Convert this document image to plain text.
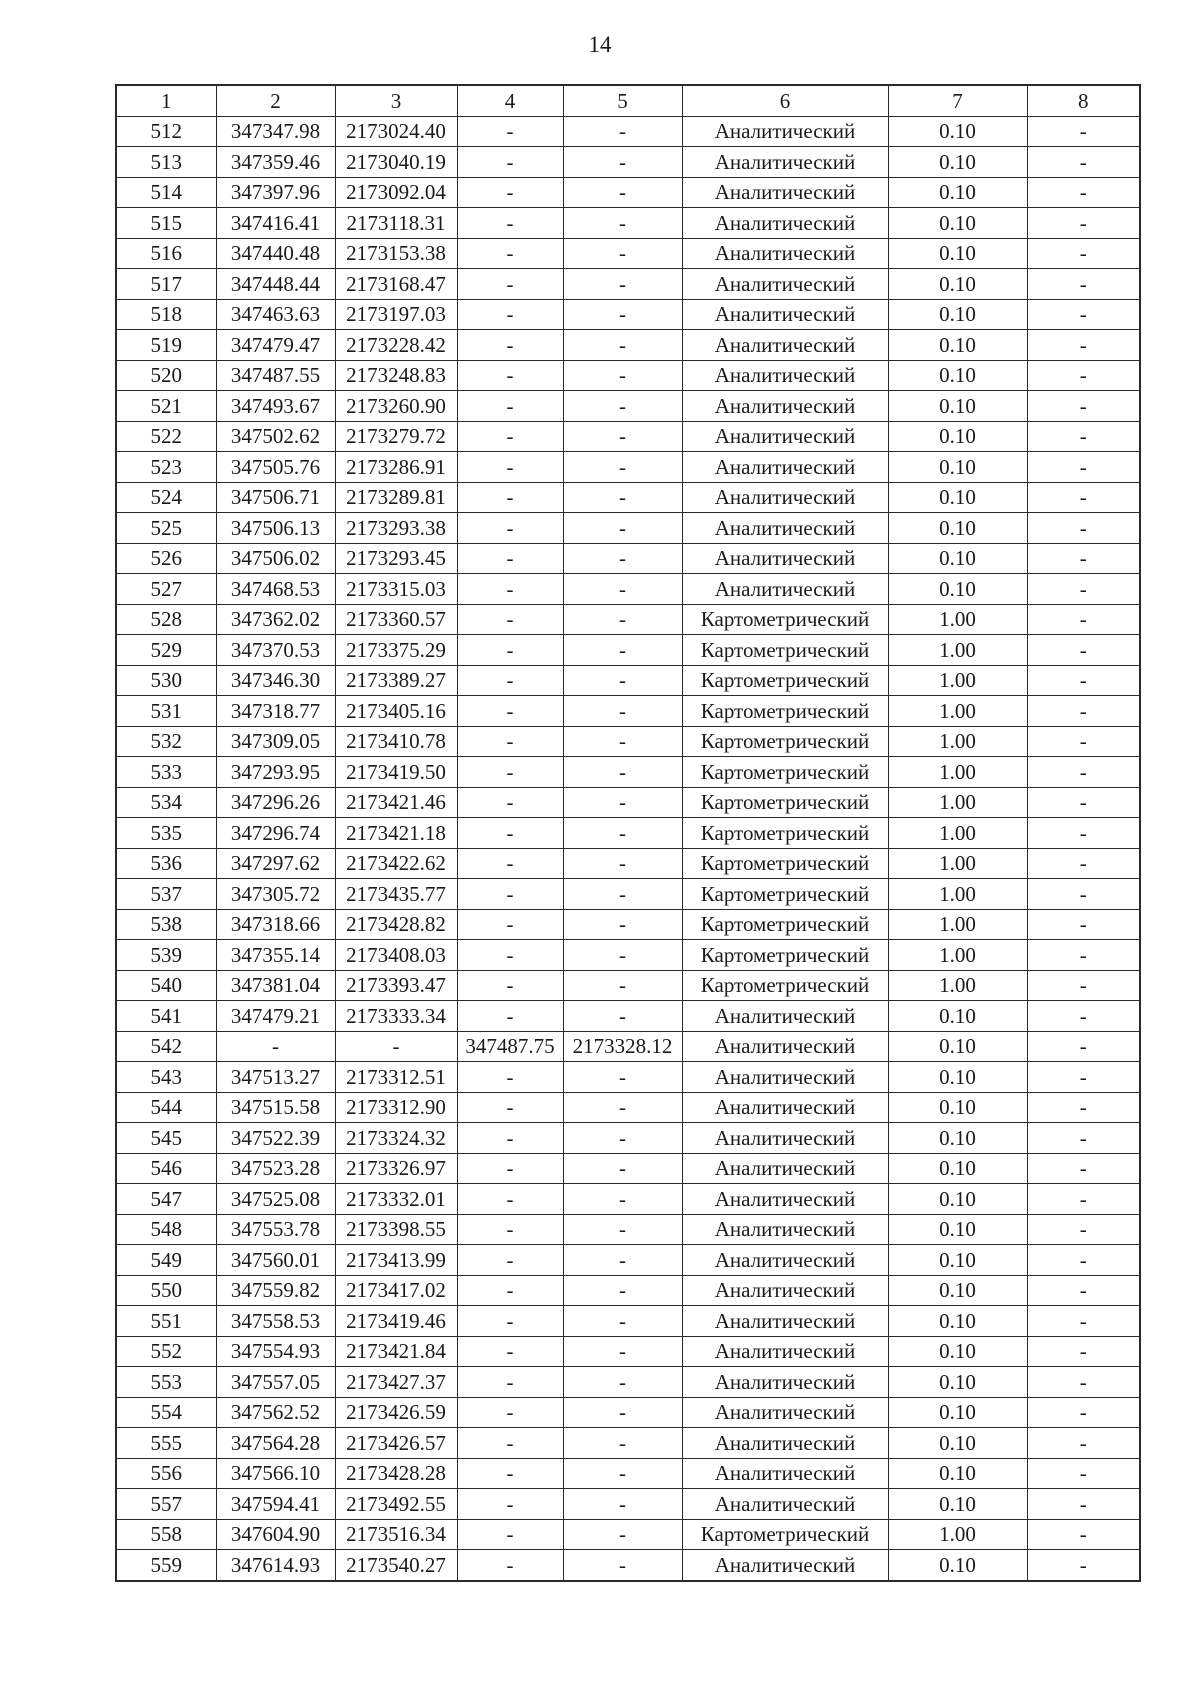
14
1	2	3	4	5	6	7	8
512	347347.98	2173024.40	-	-	Аналитический	0.10	-
513	347359.46	2173040.19	-	-	Аналитический	0.10	-
514	347397.96	2173092.04	-	-	Аналитический	0.10	-
515	347416.41	2173118.31	-	-	Аналитический	0.10	-
516	347440.48	2173153.38	-	-	Аналитический	0.10	-
517	347448.44	2173168.47	-	-	Аналитический	0.10	-
518	347463.63	2173197.03	-	-	Аналитический	0.10	-
519	347479.47	2173228.42	-	-	Аналитический	0.10	-
520	347487.55	2173248.83	-	-	Аналитический	0.10	-
521	347493.67	2173260.90	-	-	Аналитический	0.10	-
522	347502.62	2173279.72	-	-	Аналитический	0.10	-
523	347505.76	2173286.91	-	-	Аналитический	0.10	-
524	347506.71	2173289.81	-	-	Аналитический	0.10	-
525	347506.13	2173293.38	-	-	Аналитический	0.10	-
526	347506.02	2173293.45	-	-	Аналитический	0.10	-
527	347468.53	2173315.03	-	-	Аналитический	0.10	-
528	347362.02	2173360.57	-	-	Картометрический	1.00	-
529	347370.53	2173375.29	-	-	Картометрический	1.00	-
530	347346.30	2173389.27	-	-	Картометрический	1.00	-
531	347318.77	2173405.16	-	-	Картометрический	1.00	-
532	347309.05	2173410.78	-	-	Картометрический	1.00	-
533	347293.95	2173419.50	-	-	Картометрический	1.00	-
534	347296.26	2173421.46	-	-	Картометрический	1.00	-
535	347296.74	2173421.18	-	-	Картометрический	1.00	-
536	347297.62	2173422.62	-	-	Картометрический	1.00	-
537	347305.72	2173435.77	-	-	Картометрический	1.00	-
538	347318.66	2173428.82	-	-	Картометрический	1.00	-
539	347355.14	2173408.03	-	-	Картометрический	1.00	-
540	347381.04	2173393.47	-	-	Картометрический	1.00	-
541	347479.21	2173333.34	-	-	Аналитический	0.10	-
542	-	-	347487.75	2173328.12	Аналитический	0.10	-
543	347513.27	2173312.51	-	-	Аналитический	0.10	-
544	347515.58	2173312.90	-	-	Аналитический	0.10	-
545	347522.39	2173324.32	-	-	Аналитический	0.10	-
546	347523.28	2173326.97	-	-	Аналитический	0.10	-
547	347525.08	2173332.01	-	-	Аналитический	0.10	-
548	347553.78	2173398.55	-	-	Аналитический	0.10	-
549	347560.01	2173413.99	-	-	Аналитический	0.10	-
550	347559.82	2173417.02	-	-	Аналитический	0.10	-
551	347558.53	2173419.46	-	-	Аналитический	0.10	-
552	347554.93	2173421.84	-	-	Аналитический	0.10	-
553	347557.05	2173427.37	-	-	Аналитический	0.10	-
554	347562.52	2173426.59	-	-	Аналитический	0.10	-
555	347564.28	2173426.57	-	-	Аналитический	0.10	-
556	347566.10	2173428.28	-	-	Аналитический	0.10	-
557	347594.41	2173492.55	-	-	Аналитический	0.10	-
558	347604.90	2173516.34	-	-	Картометрический	1.00	-
559	347614.93	2173540.27	-	-	Аналитический	0.10	-
